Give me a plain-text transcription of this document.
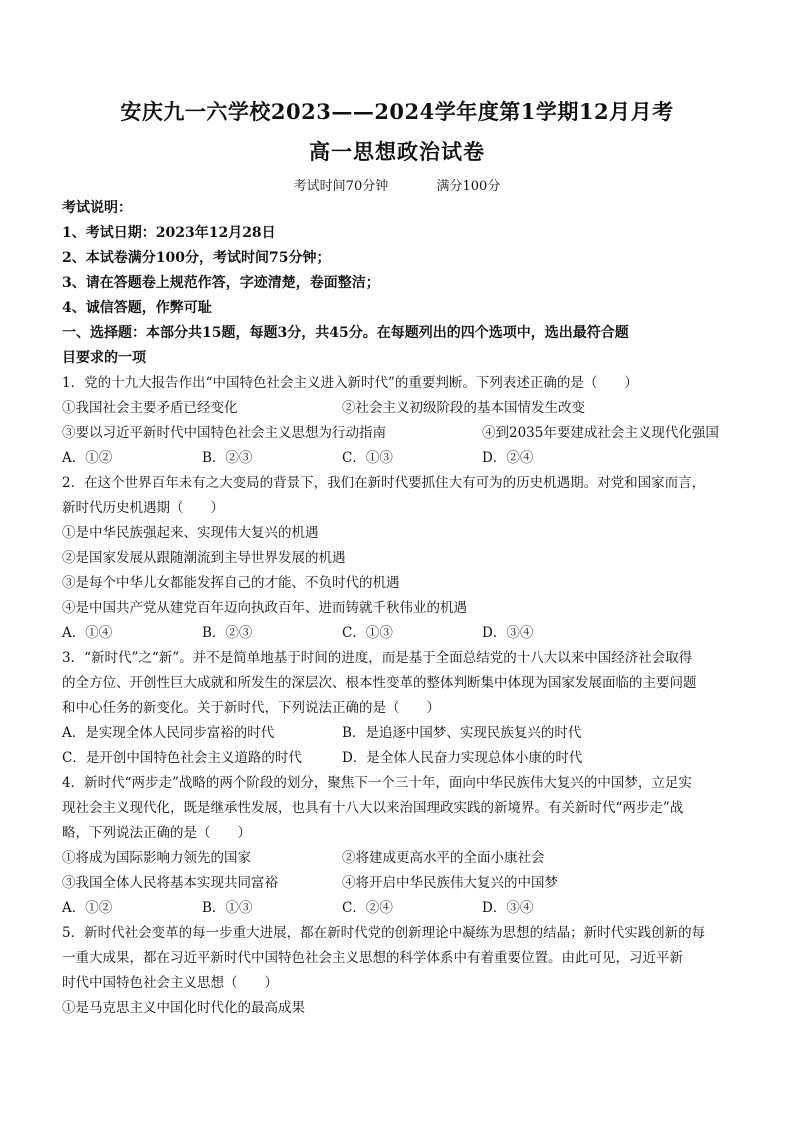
安庆九一六学校2023——2024学年度第1学期12月月考
高一思想政治试卷
考试时间70分钟	满分100分
考试说明：
1、考试日期：2023年12月28日
2、本试卷满分100分，考试时间75分钟；
3、请在答题卷上规范作答，字迹清楚，卷面整洁；
4、诚信答题，作弊可耻
一、选择题：本部分共15题，每题3分，共45分。在每题列出的四个选项中，选出最符合题
目要求的一项
1．党的十九大报告作出“中国特色社会主义进入新时代”的重要判断。下列表述正确的是（　　）
①我国社会主要矛盾已经变化	②社会主义初级阶段的基本国情发生改变
③要以习近平新时代中国特色社会主义思想为行动指南	④到2035年要建成社会主义现代化强国
A．①②	B．②③	C．①③	D．②④
2．在这个世界百年未有之大变局的背景下，我们在新时代要抓住大有可为的历史机遇期。对党和国家而言，
新时代历史机遇期（　　）
①是中华民族强起来、实现伟大复兴的机遇
②是国家发展从跟随潮流到主导世界发展的机遇
③是每个中华儿女都能发挥自己的才能、不负时代的机遇
④是中国共产党从建党百年迈向执政百年、进而铸就千秋伟业的机遇
A．①④	B．②③	C．①③	D．③④
3．“新时代”之“新”。并不是简单地基于时间的进度，而是基于全面总结党的十八大以来中国经济社会取得
的全方位、开创性巨大成就和所发生的深层次、根本性变革的整体判断集中体现为国家发展面临的主要问题
和中心任务的新变化。关于新时代，下列说法正确的是（　　）
A．是实现全体人民同步富裕的时代	B．是追逐中国梦、实现民族复兴的时代
C．是开创中国特色社会主义道路的时代	D．是全体人民奋力实现总体小康的时代
4．新时代“两步走”战略的两个阶段的划分，聚焦下一个三十年，面向中华民族伟大复兴的中国梦，立足实
现社会主义现代化，既是继承性发展，也具有十八大以来治国理政实践的新境界。有关新时代“两步走”战
略，下列说法正确的是（　　）
①将成为国际影响力领先的国家	②将建成更高水平的全面小康社会
③我国全体人民将基本实现共同富裕	④将开启中华民族伟大复兴的中国梦
A．①②	B．①③	C．②④	D．③④
5．新时代社会变革的每一步重大进展，都在新时代党的创新理论中凝练为思想的结晶；新时代实践创新的每
一重大成果，都在习近平新时代中国特色社会主义思想的科学体系中有着重要位置。由此可见，习近平新
时代中国特色社会主义思想（　　）
①是马克思主义中国化时代化的最高成果
